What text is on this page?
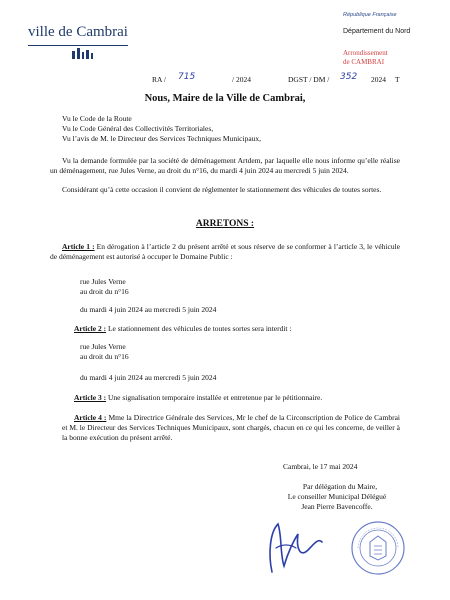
ville de Cambrai
République Française
Département du Nord
Arrondissement
de CAMBRAI
RA / 715	/ 2024	DGST / DM / 352 2024 T
Nous, Maire de la Ville de Cambrai,
Vu le Code de la Route
Vu le Code Général des Collectivités Territoriales,
Vu l’avis de M. le Directeur des Services Techniques Municipaux,
Vu la demande formulée par la société de déménagement Artdem, par laquelle elle nous informe qu’elle réalise un déménagement, rue Jules Verne, au droit du n°16, du mardi 4 juin 2024 au mercredi 5 juin 2024.
Considérant qu’à cette occasion il convient de réglementer le stationnement des véhicules de toutes sortes.
ARRETONS :
Article 1 : En dérogation à l’article 2 du présent arrêté et sous réserve de se conformer à l’article 3, le véhicule de déménagement est autorisé à occuper le Domaine Public :
rue Jules Verne
au droit du n°16
du mardi 4 juin 2024 au mercredi 5 juin 2024
Article 2 : Le stationnement des véhicules de toutes sortes sera interdit :
rue Jules Verne
au droit du n°16
du mardi 4 juin 2024 au mercredi 5 juin 2024
Article 3 : Une signalisation temporaire installée et entretenue par le pétitionnaire.
Article 4 : Mme la Directrice Générale des Services, Mr le chef de la Circonscription de Police de Cambrai et M. le Directeur des Services Techniques Municipaux, sont chargés, chacun en ce qui les concerne, de veiller à la bonne exécution du présent arrêté.
Cambrai, le 17 mai 2024
Par délégation du Maire,
Le conseiller Municipal Délégué
Jean Pierre Bavencoffe.
